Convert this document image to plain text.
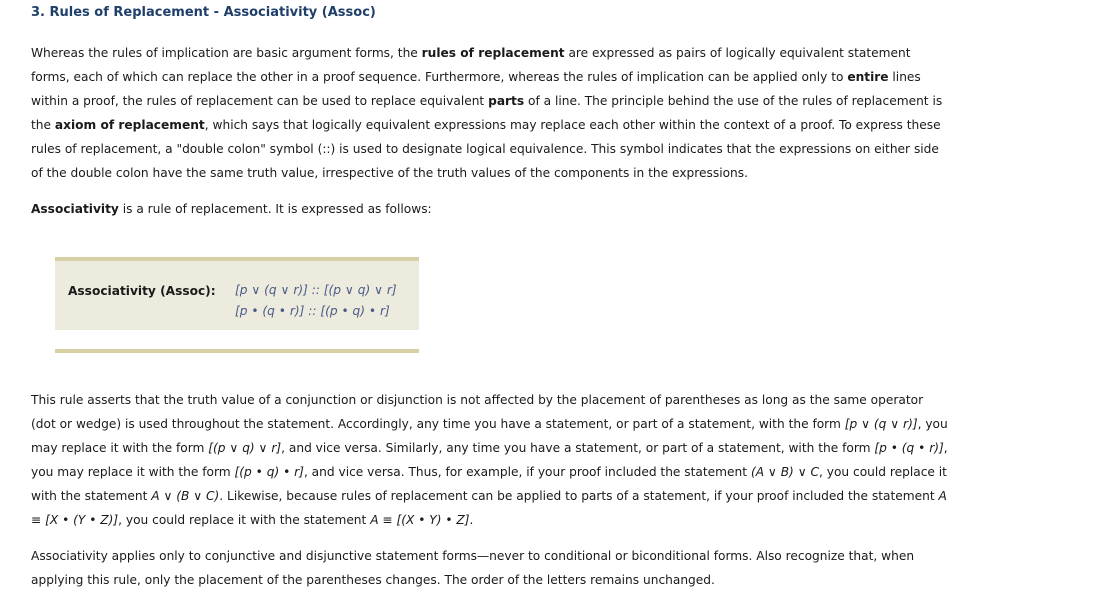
3. Rules of Replacement - Associativity (Assoc)

Whereas the rules of implication are basic argument forms, the rules of replacement are expressed as pairs of logically equivalent statement forms, each of which can replace the other in a proof sequence. Furthermore, whereas the rules of implication can be applied only to entire lines within a proof, the rules of replacement can be used to replace equivalent parts of a line. The principle behind the use of the rules of replacement is the axiom of replacement, which says that logically equivalent expressions may replace each other within the context of a proof. To express these rules of replacement, a "double colon" symbol (::) is used to designate logical equivalence. This symbol indicates that the expressions on either side of the double colon have the same truth value, irrespective of the truth values of the components in the expressions.

Associativity is a rule of replacement. It is expressed as follows:

Associativity (Assoc): [p ∨ (q ∨ r)] :: [(p ∨ q) ∨ r]
[p • (q • r)] :: [(p • q) • r]

This rule asserts that the truth value of a conjunction or disjunction is not affected by the placement of parentheses as long as the same operator (dot or wedge) is used throughout the statement. Accordingly, any time you have a statement, or part of a statement, with the form [p ∨ (q ∨ r)], you may replace it with the form [(p ∨ q) ∨ r], and vice versa. Similarly, any time you have a statement, or part of a statement, with the form [p • (q • r)], you may replace it with the form [(p • q) • r], and vice versa. Thus, for example, if your proof included the statement (A ∨ B) ∨ C, you could replace it with the statement A ∨ (B ∨ C). Likewise, because rules of replacement can be applied to parts of a statement, if your proof included the statement A ≡ [X • (Y • Z)], you could replace it with the statement A ≡ [(X • Y) • Z].

Associativity applies only to conjunctive and disjunctive statement forms—never to conditional or biconditional forms. Also recognize that, when applying this rule, only the placement of the parentheses changes. The order of the letters remains unchanged.
